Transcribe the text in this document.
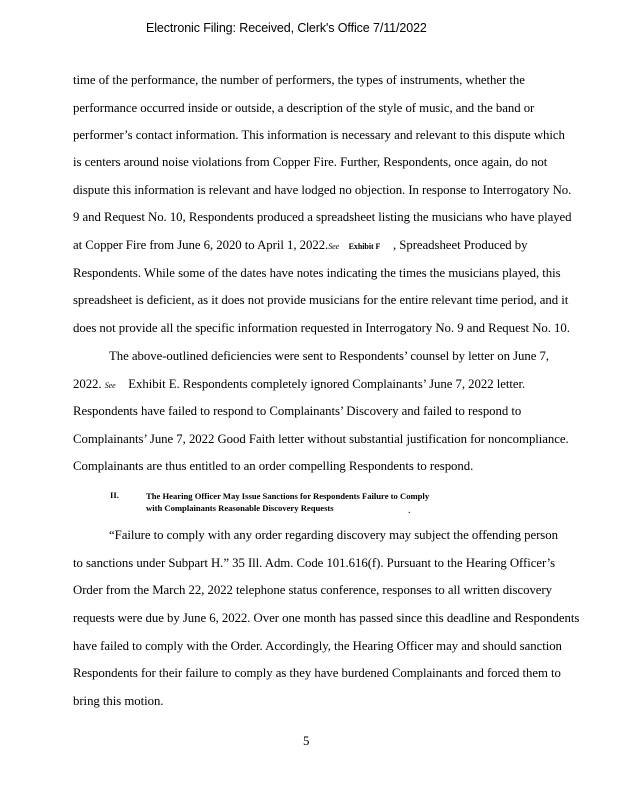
Electronic Filing: Received, Clerk's Office 7/11/2022
time of the performance, the number of performers, the types of instruments, whether the
performance occurred inside or outside, a description of the style of music, and the band or
performer’s contact information. This information is necessary and relevant to this dispute which
is centers around noise violations from Copper Fire. Further, Respondents, once again, do not
dispute this information is relevant and have lodged no objection. In response to Interrogatory No.
9 and Request No. 10, Respondents produced a spreadsheet listing the musicians who have played
at Copper Fire from June 6, 2020 to April 1, 2022.See Exhibit F , Spreadsheet Produced by
Respondents. While some of the dates have notes indicating the times the musicians played, this
spreadsheet is deficient, as it does not provide musicians for the entire relevant time period, and it
does not provide all the specific information requested in Interrogatory No. 9 and Request No. 10.
The above-outlined deficiencies were sent to Respondents’ counsel by letter on June 7,
2022. See Exhibit E. Respondents completely ignored Complainants’ June 7, 2022 letter.
Respondents have failed to respond to Complainants’ Discovery and failed to respond to
Complainants’ June 7, 2022 Good Faith letter without substantial justification for noncompliance.
Complainants are thus entitled to an order compelling Respondents to respond.
II.	The Hearing Officer May Issue Sanctions for Respondents Failure to Comply
with Complainants Reasonable Discovery Requests	.
“Failure to comply with any order regarding discovery may subject the offending person
to sanctions under Subpart H.” 35 Ill. Adm. Code 101.616(f). Pursuant to the Hearing Officer’s
Order from the March 22, 2022 telephone status conference, responses to all written discovery
requests were due by June 6, 2022. Over one month has passed since this deadline and Respondents
have failed to comply with the Order. Accordingly, the Hearing Officer may and should sanction
Respondents for their failure to comply as they have burdened Complainants and forced them to
bring this motion.
5
